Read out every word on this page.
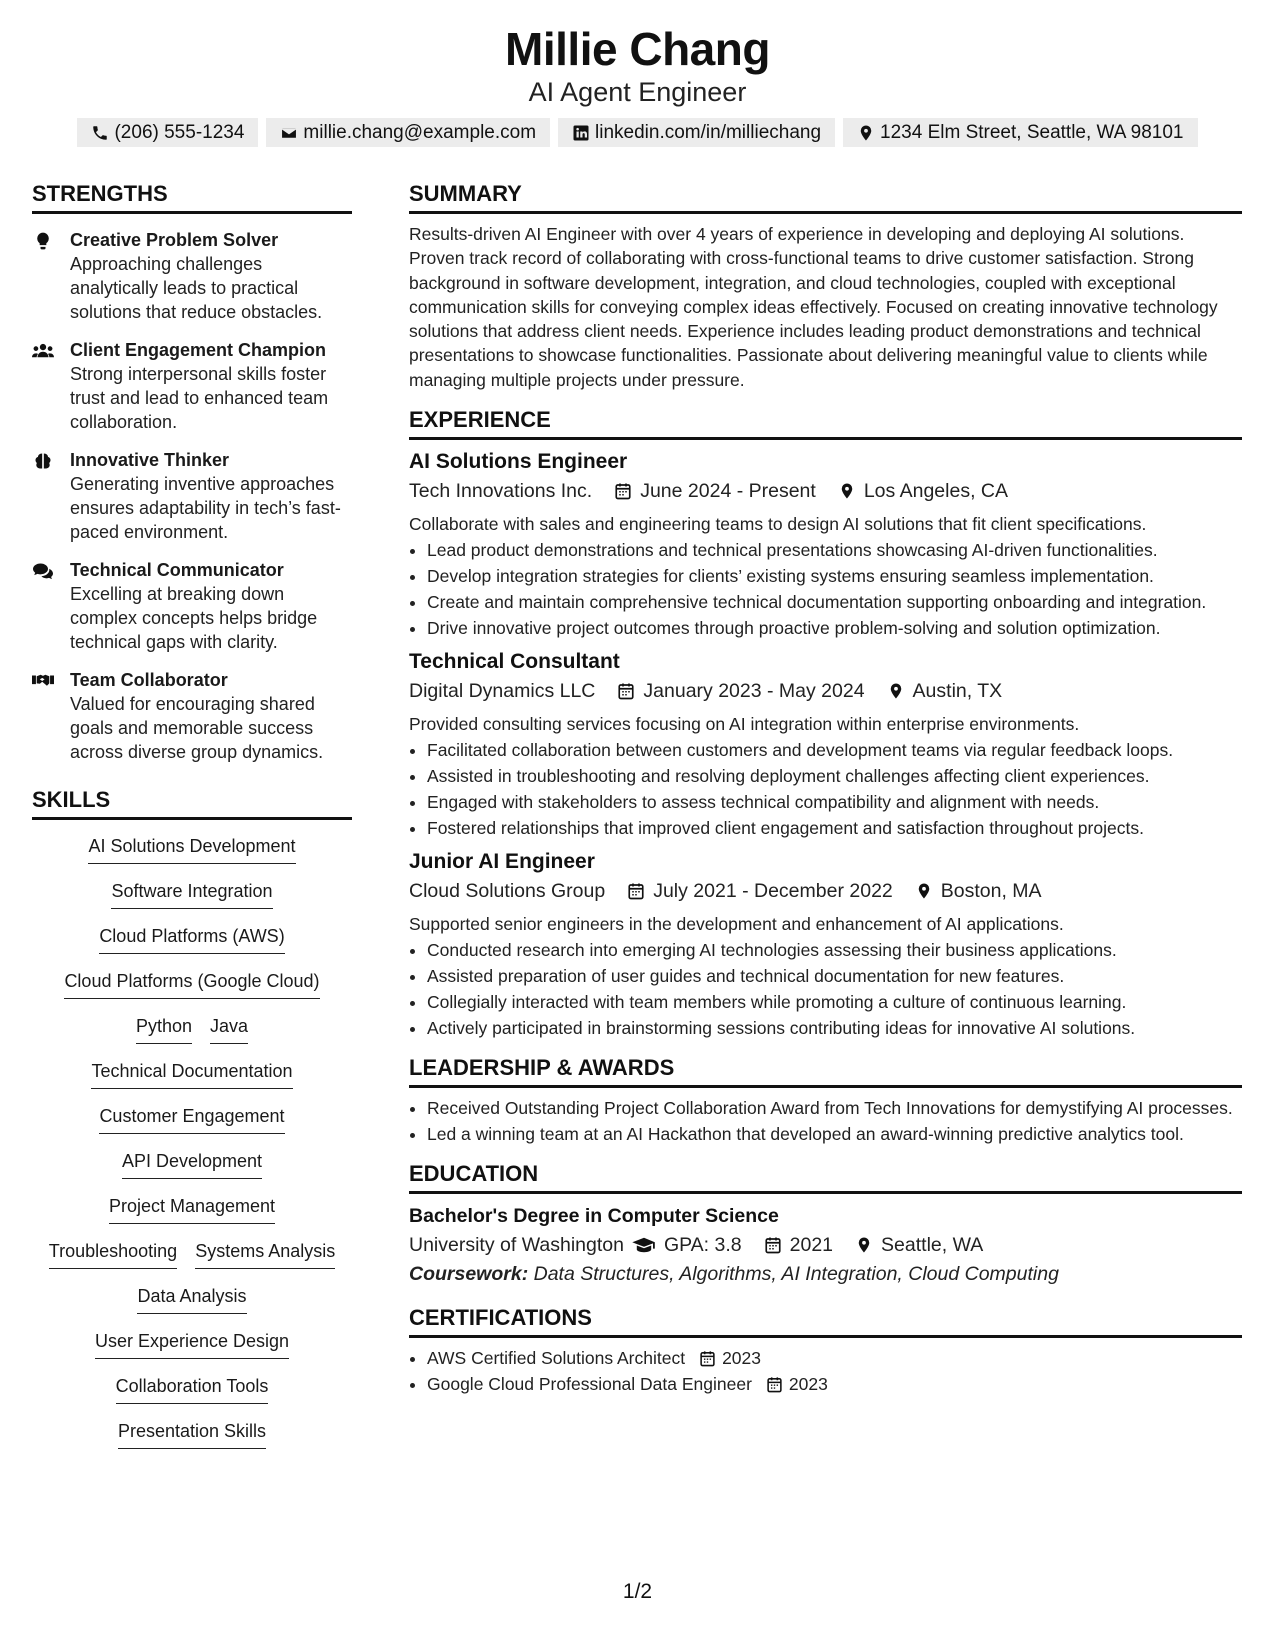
Millie Chang
AI Agent Engineer
(206) 555-1234	millie.chang@example.com	linkedin.com/in/milliechang	1234 Elm Street, Seattle, WA 98101
STRENGTHS
Creative Problem Solver
Approaching challenges analytically leads to practical solutions that reduce obstacles.
Client Engagement Champion
Strong interpersonal skills foster trust and lead to enhanced team collaboration.
Innovative Thinker
Generating inventive approaches ensures adaptability in tech’s fast-paced environment.
Technical Communicator
Excelling at breaking down complex concepts helps bridge technical gaps with clarity.
Team Collaborator
Valued for encouraging shared goals and memorable success across diverse group dynamics.
SKILLS
AI Solutions Development
Software Integration
Cloud Platforms (AWS)
Cloud Platforms (Google Cloud)
Python Java
Technical Documentation
Customer Engagement
API Development
Project Management
Troubleshooting Systems Analysis
Data Analysis
User Experience Design
Collaboration Tools
Presentation Skills
SUMMARY
Results-driven AI Engineer with over 4 years of experience in developing and deploying AI solutions. Proven track record of collaborating with cross-functional teams to drive customer satisfaction. Strong background in software development, integration, and cloud technologies, coupled with exceptional communication skills for conveying complex ideas effectively. Focused on creating innovative technology solutions that address client needs. Experience includes leading product demonstrations and technical presentations to showcase functionalities. Passionate about delivering meaningful value to clients while managing multiple projects under pressure.
EXPERIENCE
AI Solutions Engineer
Tech Innovations Inc. June 2024 - Present Los Angeles, CA
Collaborate with sales and engineering teams to design AI solutions that fit client specifications.
• Lead product demonstrations and technical presentations showcasing AI-driven functionalities.
• Develop integration strategies for clients’ existing systems ensuring seamless implementation.
• Create and maintain comprehensive technical documentation supporting onboarding and integration.
• Drive innovative project outcomes through proactive problem-solving and solution optimization.
Technical Consultant
Digital Dynamics LLC January 2023 - May 2024 Austin, TX
Provided consulting services focusing on AI integration within enterprise environments.
• Facilitated collaboration between customers and development teams via regular feedback loops.
• Assisted in troubleshooting and resolving deployment challenges affecting client experiences.
• Engaged with stakeholders to assess technical compatibility and alignment with needs.
• Fostered relationships that improved client engagement and satisfaction throughout projects.
Junior AI Engineer
Cloud Solutions Group July 2021 - December 2022 Boston, MA
Supported senior engineers in the development and enhancement of AI applications.
• Conducted research into emerging AI technologies assessing their business applications.
• Assisted preparation of user guides and technical documentation for new features.
• Collegially interacted with team members while promoting a culture of continuous learning.
• Actively participated in brainstorming sessions contributing ideas for innovative AI solutions.
LEADERSHIP & AWARDS
• Received Outstanding Project Collaboration Award from Tech Innovations for demystifying AI processes.
• Led a winning team at an AI Hackathon that developed an award-winning predictive analytics tool.
EDUCATION
Bachelor's Degree in Computer Science
University of Washington GPA: 3.8 2021 Seattle, WA
Coursework: Data Structures, Algorithms, AI Integration, Cloud Computing
CERTIFICATIONS
• AWS Certified Solutions Architect 2023
• Google Cloud Professional Data Engineer 2023
1/2
